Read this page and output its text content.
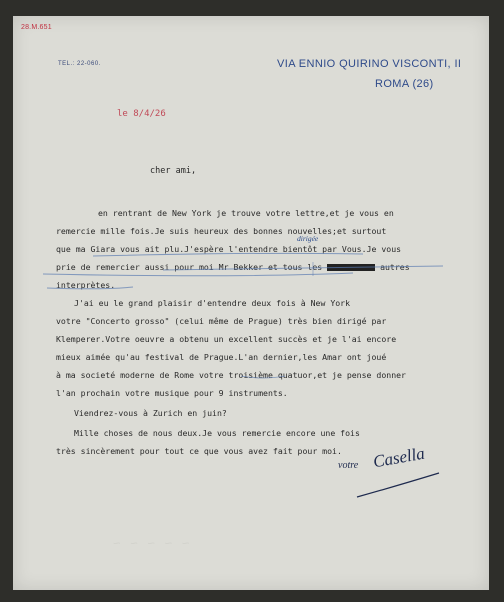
28.M.651
TEL.: 22-060.	VIA ENNIO QUIRINO VISCONTI, II
ROMA (26)
le 8/4/26
cher ami,
dirigée
en rentrant de New York je trouve votre lettre,et je vous en
remercie mille fois.Je suis heureux des bonnes nouvelles;et surtout
que ma Giara vous ait plu.J'espère l'entendre bientôt par Vous.Je vous
prie de remercier aussi pour moi Mr Bekker et tous les	autres
interprètes.
J'ai eu le grand plaisir d'entendre deux fois à New York
votre "Concerto grosso" (celui même de Prague) très bien dirigé par
Klemperer.Votre oeuvre a obtenu un excellent succès et je l'ai encore
mieux aimée qu'au festival de Prague.L'an dernier,les Amar ont joué
à ma societé moderne de Rome votre troisième quatuor,et je pense donner
l'an prochain votre musique pour 9 instruments.
Viendrez-vous à Zurich en juin?
Mille choses de nous deux.Je vous remercie encore une fois
très sincèrement pour tout ce que vous avez fait pour moi.
votre Casella
~ ~ ~ ~ ~
